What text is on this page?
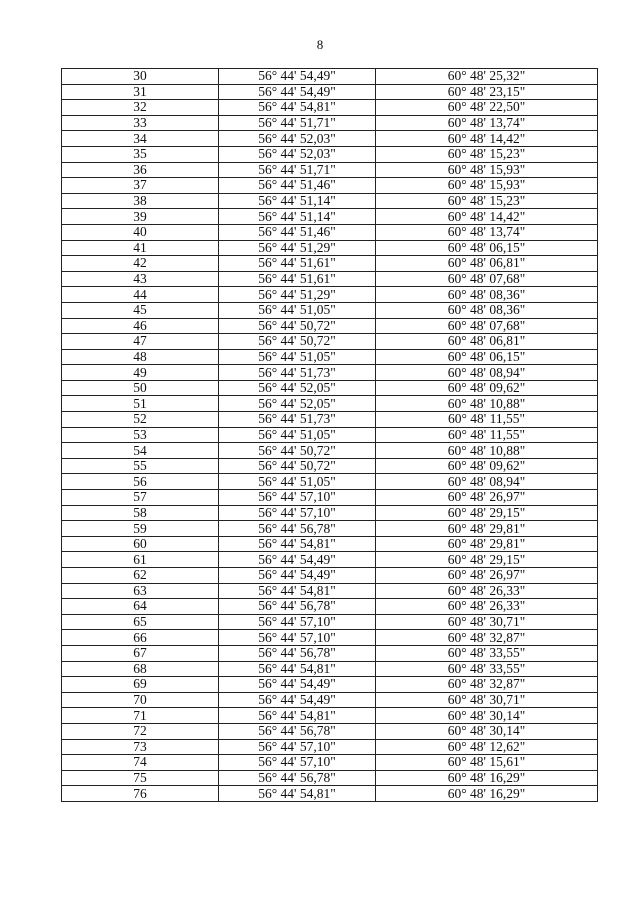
8
30	56° 44' 54,49"	60° 48' 25,32"
31	56° 44' 54,49"	60° 48' 23,15"
32	56° 44' 54,81"	60° 48' 22,50"
33	56° 44' 51,71"	60° 48' 13,74"
34	56° 44' 52,03"	60° 48' 14,42"
35	56° 44' 52,03"	60° 48' 15,23"
36	56° 44' 51,71"	60° 48' 15,93"
37	56° 44' 51,46"	60° 48' 15,93"
38	56° 44' 51,14"	60° 48' 15,23"
39	56° 44' 51,14"	60° 48' 14,42"
40	56° 44' 51,46"	60° 48' 13,74"
41	56° 44' 51,29"	60° 48' 06,15"
42	56° 44' 51,61"	60° 48' 06,81"
43	56° 44' 51,61"	60° 48' 07,68"
44	56° 44' 51,29"	60° 48' 08,36"
45	56° 44' 51,05"	60° 48' 08,36"
46	56° 44' 50,72"	60° 48' 07,68"
47	56° 44' 50,72"	60° 48' 06,81"
48	56° 44' 51,05"	60° 48' 06,15"
49	56° 44' 51,73"	60° 48' 08,94"
50	56° 44' 52,05"	60° 48' 09,62"
51	56° 44' 52,05"	60° 48' 10,88"
52	56° 44' 51,73"	60° 48' 11,55"
53	56° 44' 51,05"	60° 48' 11,55"
54	56° 44' 50,72"	60° 48' 10,88"
55	56° 44' 50,72"	60° 48' 09,62"
56	56° 44' 51,05"	60° 48' 08,94"
57	56° 44' 57,10"	60° 48' 26,97"
58	56° 44' 57,10"	60° 48' 29,15"
59	56° 44' 56,78"	60° 48' 29,81"
60	56° 44' 54,81"	60° 48' 29,81"
61	56° 44' 54,49"	60° 48' 29,15"
62	56° 44' 54,49"	60° 48' 26,97"
63	56° 44' 54,81"	60° 48' 26,33"
64	56° 44' 56,78"	60° 48' 26,33"
65	56° 44' 57,10"	60° 48' 30,71"
66	56° 44' 57,10"	60° 48' 32,87"
67	56° 44' 56,78"	60° 48' 33,55"
68	56° 44' 54,81"	60° 48' 33,55"
69	56° 44' 54,49"	60° 48' 32,87"
70	56° 44' 54,49"	60° 48' 30,71"
71	56° 44' 54,81"	60° 48' 30,14"
72	56° 44' 56,78"	60° 48' 30,14"
73	56° 44' 57,10"	60° 48' 12,62"
74	56° 44' 57,10"	60° 48' 15,61"
75	56° 44' 56,78"	60° 48' 16,29"
76	56° 44' 54,81"	60° 48' 16,29"
